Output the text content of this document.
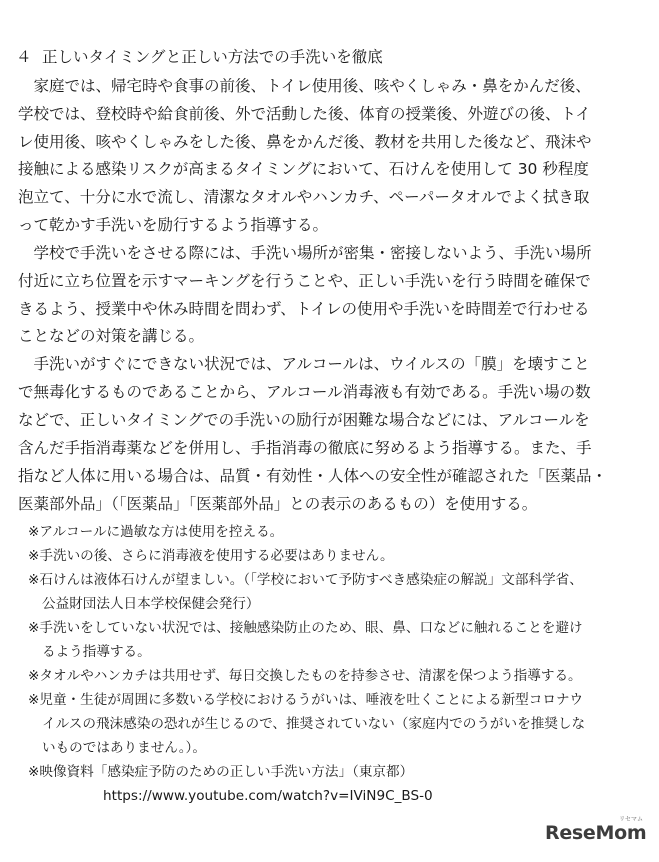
４ 正しいタイミングと正しい方法での手洗いを徹底
　家庭では、帰宅時や食事の前後、トイレ使用後、咳やくしゃみ・鼻をかんだ後、
学校では、登校時や給食前後、外で活動した後、体育の授業後、外遊びの後、トイ
レ使用後、咳やくしゃみをした後、鼻をかんだ後、教材を共用した後など、飛沫や
接触による感染リスクが高まるタイミングにおいて、石けんを使用して 30 秒程度
泡立て、十分に水で流し、清潔なタオルやハンカチ、ペーパータオルでよく拭き取
って乾かす手洗いを励行するよう指導する。
　学校で手洗いをさせる際には、手洗い場所が密集・密接しないよう、手洗い場所
付近に立ち位置を示すマーキングを行うことや、正しい手洗いを行う時間を確保で
きるよう、授業中や休み時間を問わず、トイレの使用や手洗いを時間差で行わせる
ことなどの対策を講じる。
　手洗いがすぐにできない状況では、アルコールは、ウイルスの「膜」を壊すこと
で無毒化するものであることから、アルコール消毒液も有効である。手洗い場の数
などで、正しいタイミングでの手洗いの励行が困難な場合などには、アルコールを
含んだ手指消毒薬などを併用し、手指消毒の徹底に努めるよう指導する。また、手
指など人体に用いる場合は、品質・有効性・人体への安全性が確認された「医薬品・
医薬部外品」（「医薬品」「医薬部外品」との表示のあるもの）を使用する。
※アルコールに過敏な方は使用を控える。
※手洗いの後、さらに消毒液を使用する必要はありません。
※石けんは液体石けんが望ましい。（「学校において予防すべき感染症の解説」文部科学省、
公益財団法人日本学校保健会発行）
※手洗いをしていない状況では、接触感染防止のため、眼、鼻、口などに触れることを避け
るよう指導する。
※タオルやハンカチは共用せず、毎日交換したものを持参させ、清潔を保つよう指導する。
※児童・生徒が周囲に多数いる学校におけるうがいは、唾液を吐くことによる新型コロナウ
イルスの飛沫感染の恐れが生じるので、推奨されていない（家庭内でのうがいを推奨しな
いものではありません。）。
※映像資料「感染症予防のための正しい手洗い方法」（東京都）
https://www.youtube.com/watch?v=IViN9C_BS-0
リセマム
ReseMom
